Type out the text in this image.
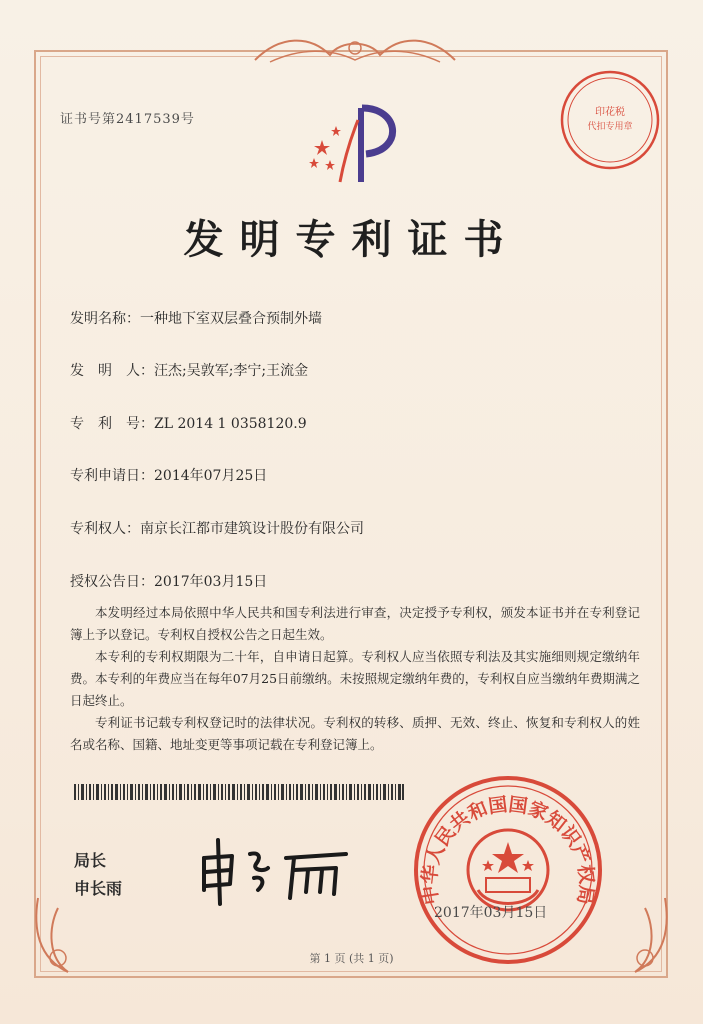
印花税
代扣专用章
证书号第2417539号
发明专利证书
发明名称：一种地下室双层叠合预制外墙
发　明　人：汪杰;吴敦军;李宁;王流金
专　利　号：ZL 2014 1 0358120.9
专利申请日：2014年07月25日
专利权人：南京长江都市建筑设计股份有限公司
授权公告日：2017年03月15日

本发明经过本局依照中华人民共和国专利法进行审查，决定授予专利权，颁发本证书并在专利登记簿上予以登记。专利权自授权公告之日起生效。

本专利的专利权期限为二十年，自申请日起算。专利权人应当依照专利法及其实施细则规定缴纳年费。本专利的年费应当在每年07月25日前缴纳。未按照规定缴纳年费的，专利权自应当缴纳年费期满之日起终止。

专利证书记载专利权登记时的法律状况。专利权的转移、质押、无效、终止、恢复和专利权人的姓名或名称、国籍、地址变更等事项记载在专利登记簿上。

局长
申长雨	中华人民共和国国家知识产权局
2017年03月15日
第 1 页 (共 1 页)
